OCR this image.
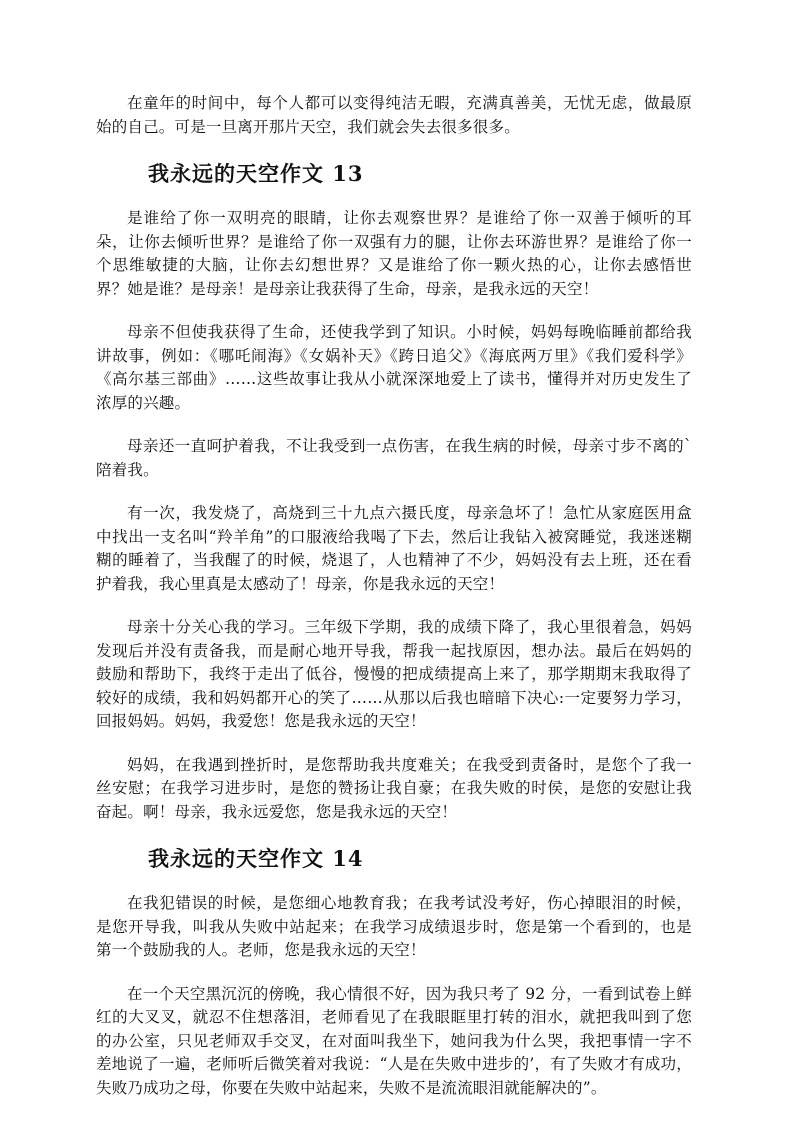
在童年的时间中，每个人都可以变得纯洁无暇，充满真善美，无忧无虑，做最原始的自己。可是一旦离开那片天空，我们就会失去很多很多。

我永远的天空作文 13

是谁给了你一双明亮的眼睛，让你去观察世界？是谁给了你一双善于倾听的耳朵，让你去倾听世界？是谁给了你一双强有力的腿，让你去环游世界？是谁给了你一个思维敏捷的大脑，让你去幻想世界？又是谁给了你一颗火热的心，让你去感悟世界？她是谁？是母亲！是母亲让我获得了生命，母亲，是我永远的天空！

母亲不但使我获得了生命，还使我学到了知识。小时候，妈妈每晚临睡前都给我讲故事，例如：《哪吒闹海》《女娲补天》《跨日追父》《海底两万里》《我们爱科学》《高尔基三部曲》……这些故事让我从小就深深地爱上了读书，懂得并对历史发生了浓厚的兴趣。

母亲还一直呵护着我，不让我受到一点伤害，在我生病的时候，母亲寸步不离的`陪着我。

有一次，我发烧了，高烧到三十九点六摄氏度，母亲急坏了！急忙从家庭医用盒中找出一支名叫“羚羊角”的口服液给我喝了下去，然后让我钻入被窝睡觉，我迷迷糊糊的睡着了，当我醒了的时候，烧退了，人也精神了不少，妈妈没有去上班，还在看护着我，我心里真是太感动了！母亲，你是我永远的天空！

母亲十分关心我的学习。三年级下学期，我的成绩下降了，我心里很着急，妈妈发现后并没有责备我，而是耐心地开导我，帮我一起找原因，想办法。最后在妈妈的鼓励和帮助下，我终于走出了低谷，慢慢的把成绩提高上来了，那学期期末我取得了较好的成绩，我和妈妈都开心的笑了……从那以后我也暗暗下决心:一定要努力学习，回报妈妈。妈妈，我爱您！您是我永远的天空！

妈妈，在我遇到挫折时，是您帮助我共度难关；在我受到责备时，是您个了我一丝安慰；在我学习进步时，是您的赞扬让我自豪；在我失败的时侯，是您的安慰让我奋起。啊！母亲，我永远爱您，您是我永远的天空！

我永远的天空作文 14

在我犯错误的时候，是您细心地教育我；在我考试没考好，伤心掉眼泪的时候，是您开导我，叫我从失败中站起来；在我学习成绩退步时，您是第一个看到的，也是第一个鼓励我的人。老师，您是我永远的天空！

在一个天空黑沉沉的傍晚，我心情很不好，因为我只考了 92 分，一看到试卷上鲜红的大叉叉，就忍不住想落泪，老师看见了在我眼眶里打转的泪水，就把我叫到了您的办公室，只见老师双手交叉，在对面叫我坐下，她问我为什么哭，我把事情一字不差地说了一遍，老师听后微笑着对我说：“人是在失败中进步的’，有了失败才有成功，失败乃成功之母，你要在失败中站起来，失败不是流流眼泪就能解决的”。
